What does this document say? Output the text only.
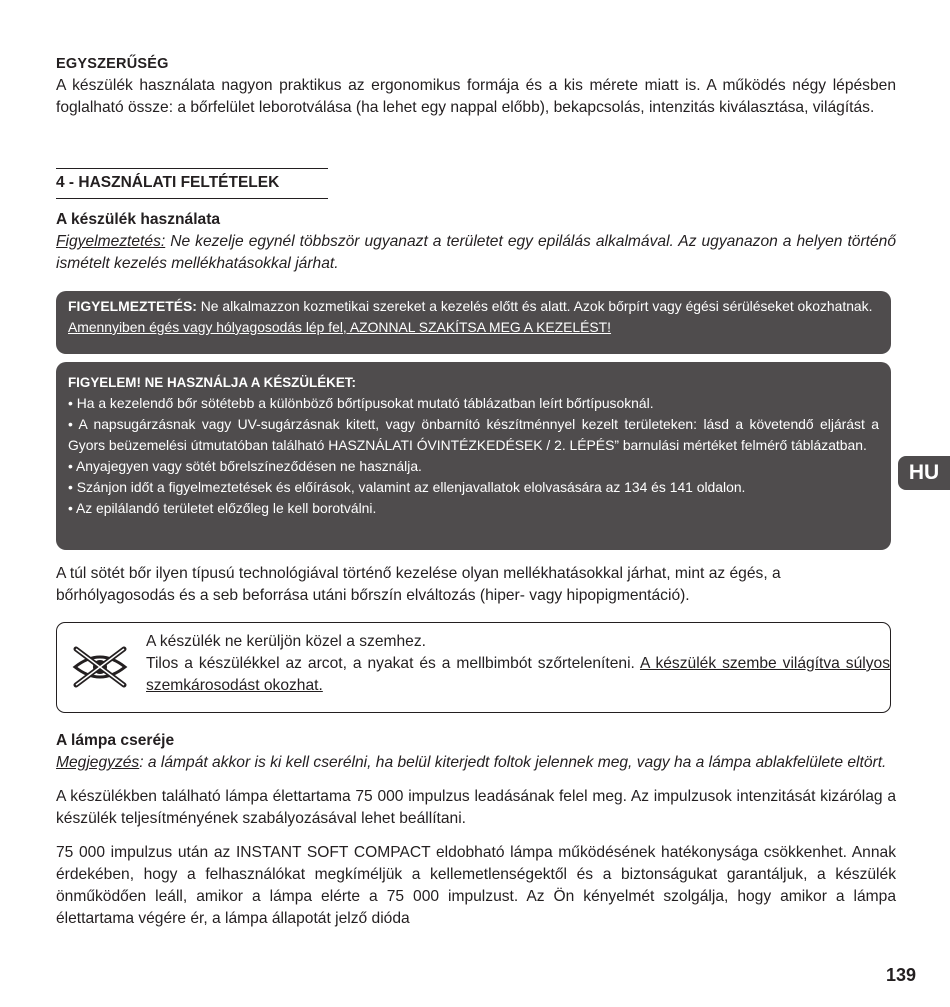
EGYSZERŰSÉG

A készülék használata nagyon praktikus az ergonomikus formája és a kis mérete miatt is. A működés négy lépésben foglalható össze: a bőrfelület leborotválása (ha lehet egy nappal előbb), bekapcsolás, intenzitás kiválasztása, világítás.

4 - HASZNÁLATI FELTÉTELEK

A készülék használata

Figyelmeztetés: Ne kezelje egynél többször ugyanazt a területet egy epilálás alkalmával. Az ugyanazon a helyen történő ismételt kezelés mellékhatásokkal járhat.

FIGYELMEZTETÉS: Ne alkalmazzon kozmetikai szereket a kezelés előtt és alatt. Azok bőrpírt vagy égési sérüléseket okozhatnak. Amennyiben égés vagy hólyagosodás lép fel, AZONNAL SZAKÍTSA MEG A KEZELÉST!

FIGYELEM! NE HASZNÁLJA A KÉSZÜLÉKET:

• Ha a kezelendő bőr sötétebb a különböző bőrtípusokat mutató táblázatban leírt bőrtípusoknál.

• A napsugárzásnak vagy UV-sugárzásnak kitett, vagy önbarnító készítménnyel kezelt területeken: lásd a követendő eljárást a Gyors beüzemelési útmutatóban található HASZNÁLATI ÓVINTÉZKEDÉSEK / 2. LÉPÉS” barnulási mértéket felmérő táblázatban.

• Anyajegyen vagy sötét bőrelszíneződésen ne használja.

• Szánjon időt a figyelmeztetések és előírások, valamint az ellenjavallatok elolvasására az 134 és 141 oldalon.

• Az epilálandó területet előzőleg le kell borotválni.

A túl sötét bőr ilyen típusú technológiával történő kezelése olyan mellékhatásokkal járhat, mint az égés, a bőrhólyagosodás és a seb beforrása utáni bőrszín elváltozás (hiper- vagy hipopigmentáció).

A készülék ne kerüljön közel a szemhez.

Tilos a készülékkel az arcot, a nyakat és a mellbimbót szőrteleníteni. A készülék szembe világítva súlyos szemkárosodást okozhat.

A lámpa cseréje

Megjegyzés: a lámpát akkor is ki kell cserélni, ha belül kiterjedt foltok jelennek meg, vagy ha a lámpa ablakfelülete eltört.

A készülékben található lámpa élettartama 75 000 impulzus leadásának felel meg. Az impulzusok intenzitását kizárólag a készülék teljesítményének szabályozásával lehet beállítani.

75 000 impulzus után az INSTANT SOFT COMPACT eldobható lámpa működésének hatékonysága csökkenhet. Annak érdekében, hogy a felhasználókat megkíméljük a kellemetlenségektől és a biztonságukat garantáljuk, a készülék önműködően leáll, amikor a lámpa elérte a 75 000 impulzust. Az Ön kényelmét szolgálja, hogy amikor a lámpa élettartama végére ér, a lámpa állapotát jelző dióda

HU
139
